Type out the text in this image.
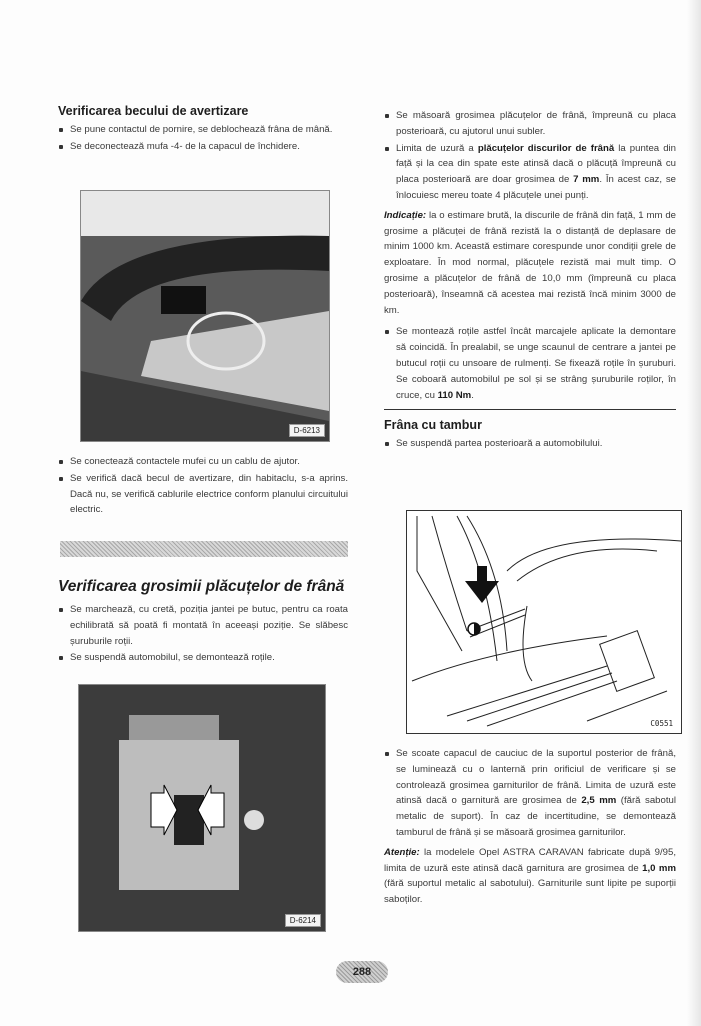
Verificarea becului de avertizare
Se pune contactul de pornire, se deblochează frâna de mână.
Se deconectează mufa -4- de la capacul de închidere.
D-6213
Se conectează contactele mufei cu un cablu de ajutor.
Se verifică dacă becul de avertizare, din habitaclu, s-a aprins. Dacă nu, se verifică cablurile electrice conform planului circuitului electric.
Verificarea grosimii plăcuțelor de frână
Se marchează, cu cretă, poziția jantei pe butuc, pentru ca roata echilibrată să poată fi montată în aceeași poziție. Se slăbesc șuruburile roții.
Se suspendă automobilul, se demontează roțile.
D-6214
Se măsoară grosimea plăcuțelor de frână, împreună cu placa posterioară, cu ajutorul unui subler.
Limita de uzură a plăcuțelor discurilor de frână la puntea din față și la cea din spate este atinsă dacă o plăcuță împreună cu placa posterioară are doar grosimea de 7 mm. În acest caz, se înlocuiesc mereu toate 4 plăcuțele unei punți.

Indicație: la o estimare brută, la discurile de frână din față, 1 mm de grosime a plăcuței de frână rezistă la o distanță de deplasare de minim 1000 km. Această estimare corespunde unor condiții grele de exploatare. În mod normal, plăcuțele rezistă mai mult timp. O grosime a plăcuțelor de frână de 10,0 mm (împreună cu placa posterioară), înseamnă că acestea mai rezistă încă minim 3000 de km.

Se montează roțile astfel încât marcajele aplicate la demontare să coincidă. În prealabil, se unge scaunul de centrare a jantei pe butucul roții cu unsoare de rulmenți. Se fixează roțile în șuruburi. Se coboară automobilul pe sol și se strâng șuruburile roților, în cruce, cu 110 Nm.
Frâna cu tambur
Se suspendă partea posterioară a automobilului.
C0551
Se scoate capacul de cauciuc de la suportul posterior de frână, se luminează cu o lanternă prin orificiul de verificare și se controlează grosimea garniturilor de frână. Limita de uzură este atinsă dacă o garnitură are grosimea de 2,5 mm (fără sabotul metalic de suport). În caz de incertitudine, se demontează tamburul de frână și se măsoară grosimea garniturilor.

Atenție: la modelele Opel ASTRA CARAVAN fabricate după 9/95, limita de uzură este atinsă dacă garnitura are grosimea de 1,0 mm (fără suportul metalic al sabotului). Garniturile sunt lipite pe suporții saboților.

288
